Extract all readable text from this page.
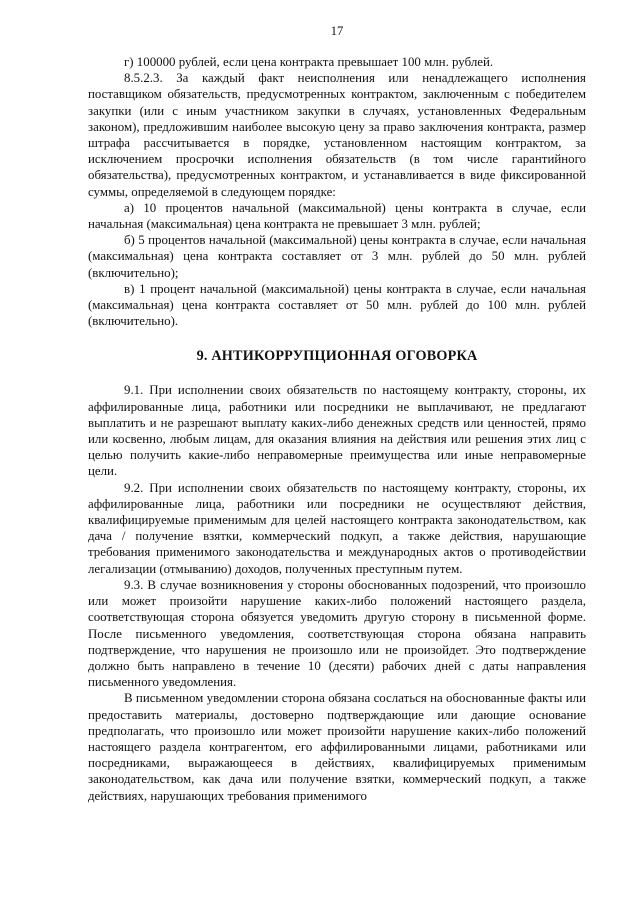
17

г) 100000 рублей, если цена контракта превышает 100 млн. рублей.

8.5.2.3. За каждый факт неисполнения или ненадлежащего исполнения поставщиком обязательств, предусмотренных контрактом, заключенным с победителем закупки (или с иным участником закупки в случаях, установленных Федеральным законом), предложившим наиболее высокую цену за право заключения контракта, размер штрафа рассчитывается в порядке, установленном настоящим контрактом, за исключением просрочки исполнения обязательств (в том числе гарантийного обязательства), предусмотренных контрактом, и устанавливается в виде фиксированной суммы, определяемой в следующем порядке:

а) 10 процентов начальной (максимальной) цены контракта в случае, если начальная (максимальная) цена контракта не превышает 3 млн. рублей;

б) 5 процентов начальной (максимальной) цены контракта в случае, если начальная (максимальная) цена контракта составляет от 3 млн. рублей до 50 млн. рублей (включительно);

в) 1 процент начальной (максимальной) цены контракта в случае, если начальная (максимальная) цена контракта составляет от 50 млн. рублей до 100 млн. рублей (включительно).

9. АНТИКОРРУПЦИОННАЯ ОГОВОРКА

9.1. При исполнении своих обязательств по настоящему контракту, стороны, их аффилированные лица, работники или посредники не выплачивают, не предлагают выплатить и не разрешают выплату каких-либо денежных средств или ценностей, прямо или косвенно, любым лицам, для оказания влияния на действия или решения этих лиц с целью получить какие-либо неправомерные преимущества или иные неправомерные цели.

9.2. При исполнении своих обязательств по настоящему контракту, стороны, их аффилированные лица, работники или посредники не осуществляют действия, квалифицируемые применимым для целей настоящего контракта законодательством, как дача / получение взятки, коммерческий подкуп, а также действия, нарушающие требования применимого законодательства и международных актов о противодействии легализации (отмыванию) доходов, полученных преступным путем.

9.3. В случае возникновения у стороны обоснованных подозрений, что произошло или может произойти нарушение каких-либо положений настоящего раздела, соответствующая сторона обязуется уведомить другую сторону в письменной форме. После письменного уведомления, соответствующая сторона обязана направить подтверждение, что нарушения не произошло или не произойдет. Это подтверждение должно быть направлено в течение 10 (десяти) рабочих дней с даты направления письменного уведомления.

В письменном уведомлении сторона обязана сослаться на обоснованные факты или предоставить материалы, достоверно подтверждающие или дающие основание предполагать, что произошло или может произойти нарушение каких-либо положений настоящего раздела контрагентом, его аффилированными лицами, работниками или посредниками, выражающееся в действиях, квалифицируемых применимым законодательством, как дача или получение взятки, коммерческий подкуп, а также действиях, нарушающих требования применимого
